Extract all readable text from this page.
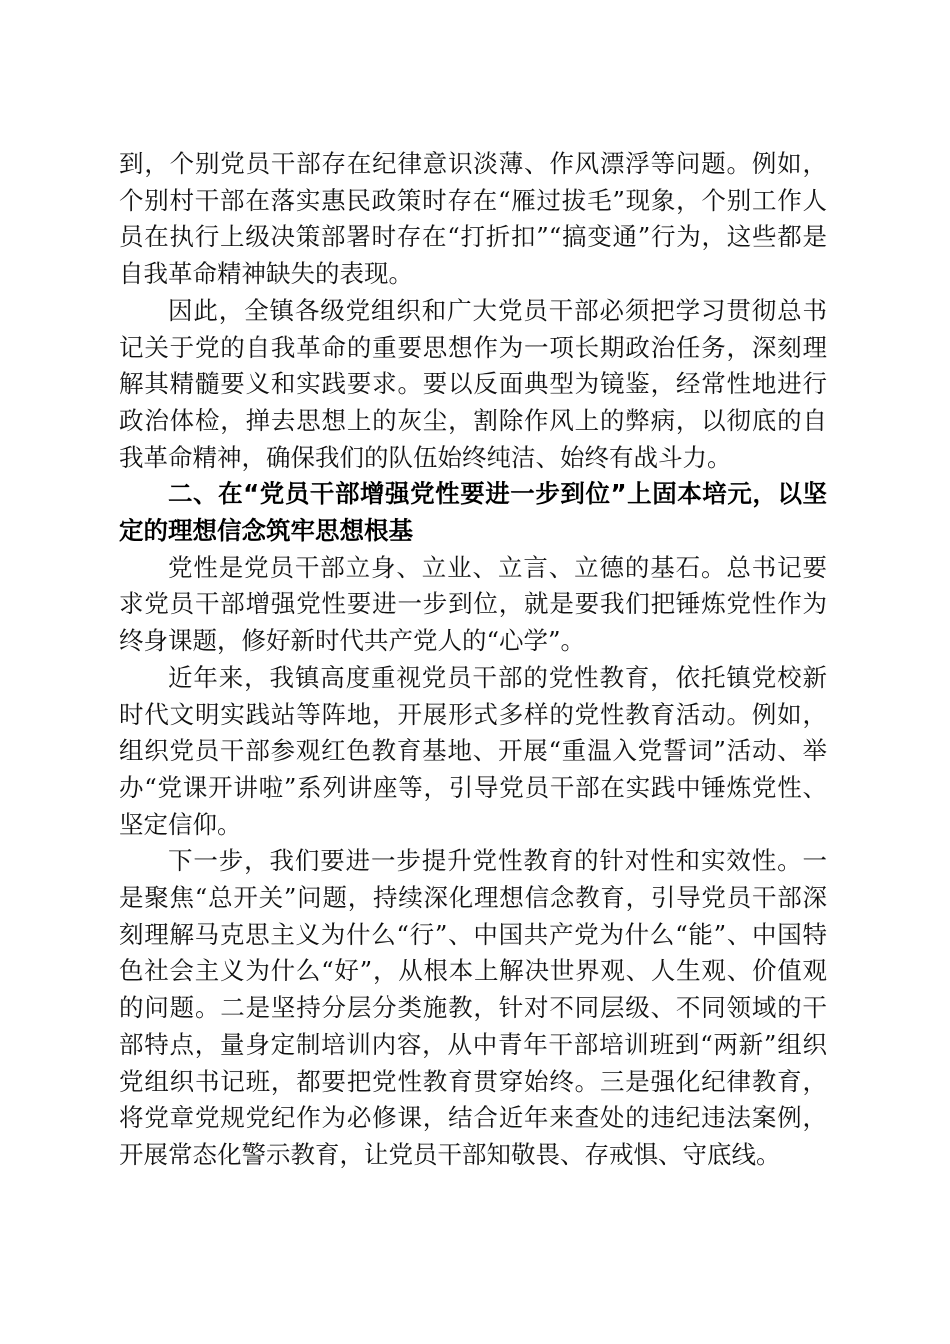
到，个别党员干部存在纪律意识淡薄、作风漂浮等问题。例如，个别村干部在落实惠民政策时存在“雁过拔毛”现象，个别工作人员在执行上级决策部署时存在“打折扣”“搞变通”行为，这些都是自我革命精神缺失的表现。

因此，全镇各级党组织和广大党员干部必须把学习贯彻总书记关于党的自我革命的重要思想作为一项长期政治任务，深刻理解其精髓要义和实践要求。要以反面典型为镜鉴，经常性地进行政治体检，掸去思想上的灰尘，割除作风上的弊病，以彻底的自我革命精神，确保我们的队伍始终纯洁、始终有战斗力。

二、在“党员干部增强党性要进一步到位”上固本培元，以坚定的理想信念筑牢思想根基

党性是党员干部立身、立业、立言、立德的基石。总书记要求党员干部增强党性要进一步到位，就是要我们把锤炼党性作为终身课题，修好新时代共产党人的“心学”。

近年来，我镇高度重视党员干部的党性教育，依托镇党校新时代文明实践站等阵地，开展形式多样的党性教育活动。例如，组织党员干部参观红色教育基地、开展“重温入党誓词”活动、举办“党课开讲啦”系列讲座等，引导党员干部在实践中锤炼党性、坚定信仰。

下一步，我们要进一步提升党性教育的针对性和实效性。一是聚焦“总开关”问题，持续深化理想信念教育，引导党员干部深刻理解马克思主义为什么“行”、中国共产党为什么“能”、中国特色社会主义为什么“好”，从根本上解决世界观、人生观、价值观的问题。二是坚持分层分类施教，针对不同层级、不同领域的干部特点，量身定制培训内容，从中青年干部培训班到“两新”组织党组织书记班，都要把党性教育贯穿始终。三是强化纪律教育，将党章党规党纪作为必修课，结合近年来查处的违纪违法案例，开展常态化警示教育，让党员干部知敬畏、存戒惧、守底线。
